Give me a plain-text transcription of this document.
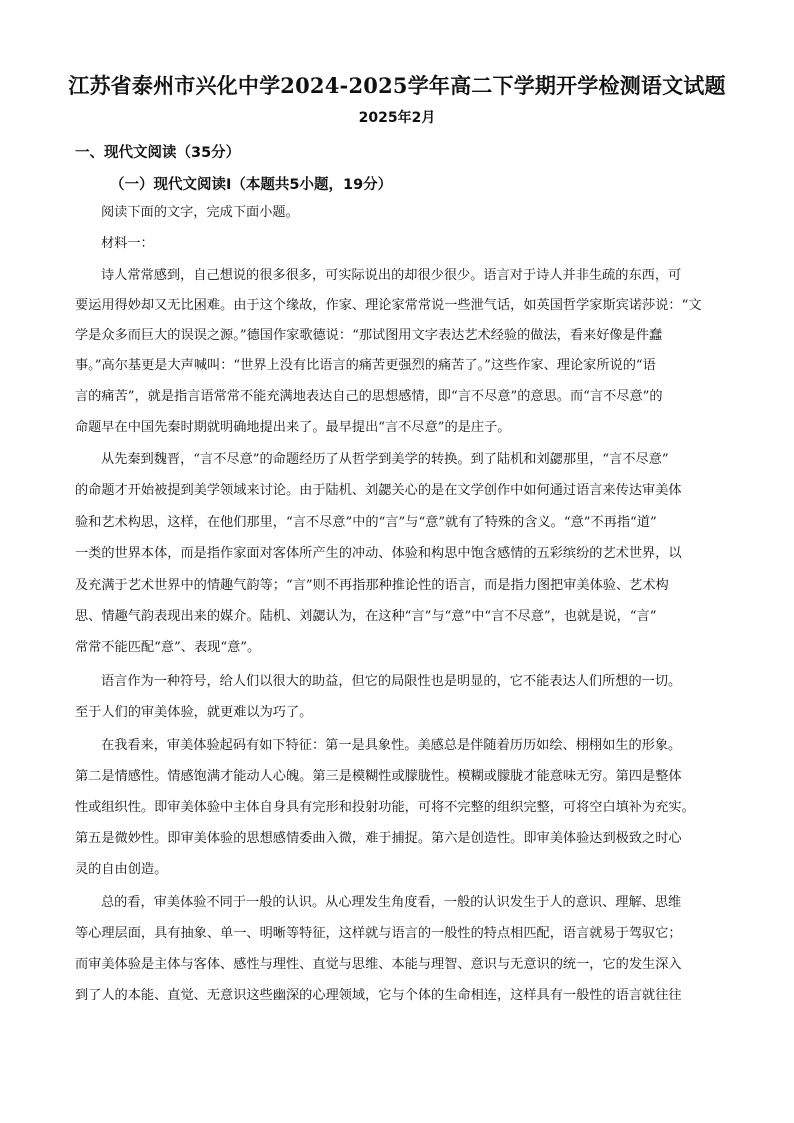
江苏省泰州市兴化中学2024-2025学年高二下学期开学检测语文试题
2025年2月
一、现代文阅读（35分）
（一）现代文阅读Ⅰ（本题共5小题，19分）
阅读下面的文字，完成下面小题。
材料一：
诗人常常感到，自己想说的很多很多，可实际说出的却很少很少。语言对于诗人并非生疏的东西，可
要运用得妙却又无比困难。由于这个缘故，作家、理论家常常说一些泄气话，如英国哲学家斯宾诺莎说：“文
学是众多而巨大的误误之源。”德国作家歌德说：“那试图用文字表达艺术经验的做法，看来好像是件蠢
事。”高尔基更是大声喊叫：“世界上没有比语言的痛苦更强烈的痛苦了。”这些作家、理论家所说的“语
言的痛苦”，就是指言语常常不能充满地表达自己的思想感情，即“言不尽意”的意思。而“言不尽意”的
命题早在中国先秦时期就明确地提出来了。最早提出“言不尽意”的是庄子。
从先秦到魏晋，“言不尽意”的命题经历了从哲学到美学的转换。到了陆机和刘勰那里，“言不尽意”
的命题才开始被提到美学领域来讨论。由于陆机、刘勰关心的是在文学创作中如何通过语言来传达审美体
验和艺术构思，这样，在他们那里，“言不尽意”中的“言”与“意”就有了特殊的含义。“意”不再指“道”
一类的世界本体，而是指作家面对客体所产生的冲动、体验和构思中饱含感情的五彩缤纷的艺术世界，以
及充满于艺术世界中的情趣气韵等；“言”则不再指那种推论性的语言，而是指力图把审美体验、艺术构
思、情趣气韵表现出来的媒介。陆机、刘勰认为，在这种“言”与“意”中“言不尽意”，也就是说，“言”
常常不能匹配“意”、表现“意”。
语言作为一种符号，给人们以很大的助益，但它的局限性也是明显的，它不能表达人们所想的一切。
至于人们的审美体验，就更难以为巧了。
在我看来，审美体验起码有如下特征：第一是具象性。美感总是伴随着历历如绘、栩栩如生的形象。
第二是情感性。情感饱满才能动人心魄。第三是模糊性或朦胧性。模糊或朦胧才能意味无穷。第四是整体
性或组织性。即审美体验中主体自身具有完形和投射功能，可将不完整的组织完整，可将空白填补为充实。
第五是微妙性。即审美体验的思想感情委曲入微，难于捕捉。第六是创造性。即审美体验达到极致之时心
灵的自由创造。
总的看，审美体验不同于一般的认识。从心理发生角度看，一般的认识发生于人的意识、理解、思维
等心理层面，具有抽象、单一、明晰等特征，这样就与语言的一般性的特点相匹配，语言就易于驾驭它；
而审美体验是主体与客体、感性与理性、直觉与思维、本能与理智、意识与无意识的统一，它的发生深入
到了人的本能、直觉、无意识这些幽深的心理领域，它与个体的生命相连，这样具有一般性的语言就往往
